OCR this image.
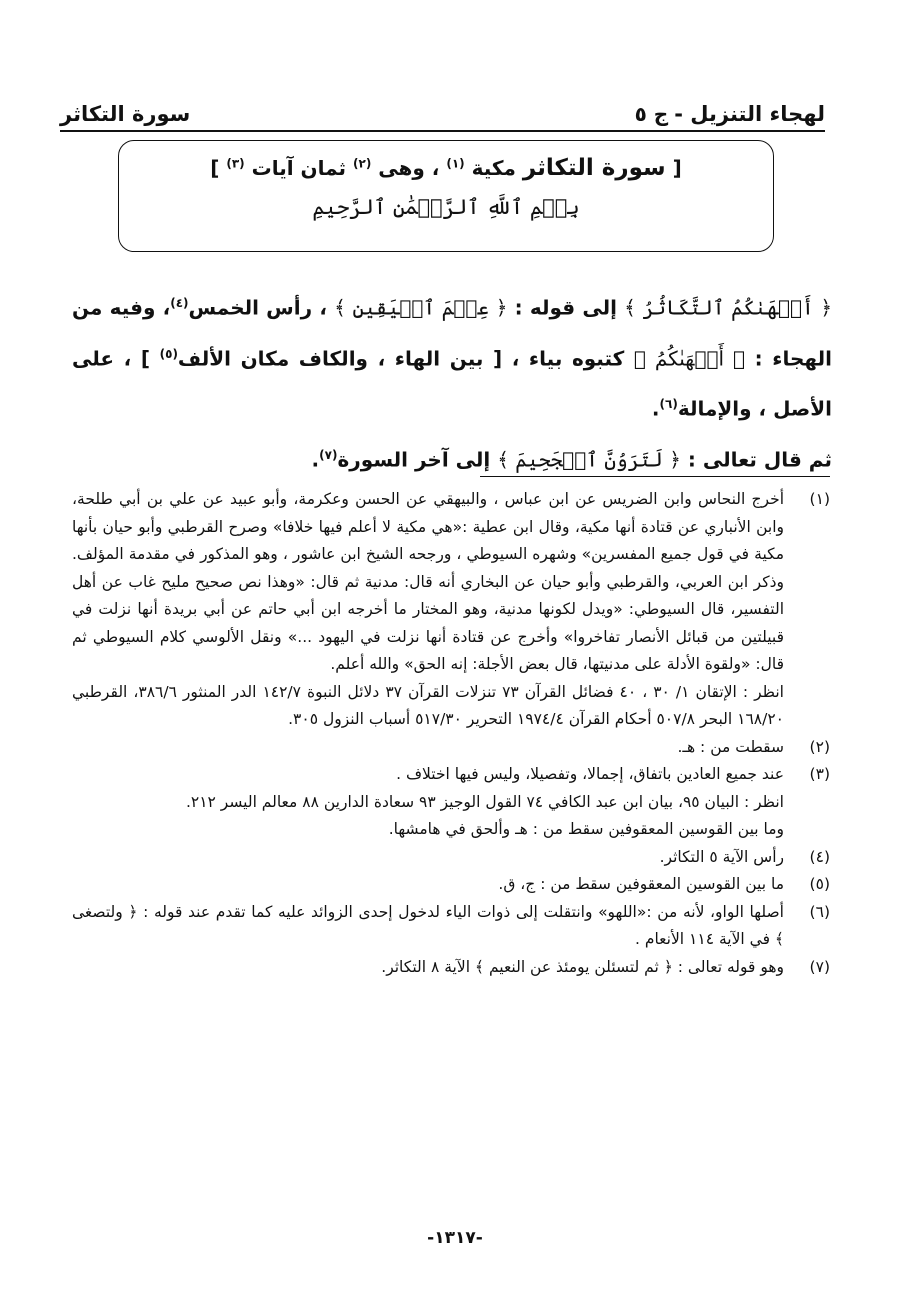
لهجاء التنزيل -
ج ٥
سورة التكاثر
[ سورة التكاثر مكية $^{(١)}$ ، وهى $^{(٢)}$ ثمان آيات $^{(٣)}$ ]
بِسۡمِ ٱللَّهِ ٱلرَّحۡمَٰنِ ٱلرَّحِيمِ

﴿ أَلۡهَىٰكُمُ ٱلتَّكَاثُرُ ﴾ إلى قوله : ﴿ عِلۡمَ ٱلۡيَقِينِ ﴾ ، رأس الخمس$^{(٤)}$، وفيه من الهجاء : ﴿ أَلۡهَىٰكُمُ ﴾ كتبوه بياء ، [ بين الهاء ، والكاف مكان الألف$^{(٥)}$ ] ، على الأصل ، والإمالة$^{(٦)}$.

ثم قال تعالى : ﴿ لَتَرَوُنَّ ٱلۡجَحِيمَ ﴾ إلى آخر السورة$^{(٧)}$.

(١)

أخرج النحاس وابن الضريس عن ابن عباس ، والبيهقي عن الحسن وعكرمة، وأبو عبيد عن علي بن أبي طلحة، وابن الأنباري عن قتادة أنها مكية، وقال ابن عطية :«هي مكية لا أعلم فيها خلافا» وصرح القرطبي وأبو حيان بأنها مكية في قول جميع المفسرين» وشهره السيوطي ، ورجحه الشيخ ابن عاشور ، وهو المذكور في مقدمة المؤلف. وذكر ابن العربي، والقرطبي وأبو حيان عن البخاري أنه قال: مدنية ثم قال: «وهذا نص صحيح مليح غاب عن أهل التفسير، قال السيوطي: «ويدل لكونها مدنية، وهو المختار ما أخرجه ابن أبي حاتم عن أبي بريدة أنها نزلت في قبيلتين من قبائل الأنصار تفاخروا» وأخرج عن قتادة أنها نزلت في اليهود ...» ونقل الألوسي كلام السيوطي ثم قال: «ولقوة الأدلة على مدنيتها، قال بعض الأجلة: إنه الحق» والله أعلم.

انظر : الإتقان ١/ ٣٠ ، ٤٠ فضائل القرآن ٧٣ تنزلات القرآن ٣٧ دلائل النبوة ١٤٢/٧ الدر المنثور ٣٨٦/٦، القرطبي ١٦٨/٢٠ البحر ٥٠٧/٨ أحكام القرآن ١٩٧٤/٤ التحرير ٥١٧/٣٠ أسباب النزول ٣٠٥.

(٢)

سقطت من : هـ.

(٣)

عند جميع العادين باتفاق، إجمالا، وتفصيلا، وليس فيها اختلاف .

انظر : البيان ٩٥، بيان ابن عبد الكافي ٧٤ القول الوجيز ٩٣ سعادة الدارين ٨٨ معالم اليسر ٢١٢.

وما بين القوسين المعقوفين سقط من : هـ وألحق في هامشها.

(٤)

رأس الآية ٥ التكاثر.

(٥)

ما بين القوسين المعقوفين سقط من : ج، ق.

(٦)

أصلها الواو، لأنه من :«اللهو» وانتقلت إلى ذوات الياء لدخول إحدى الزوائد عليه كما تقدم عند قوله : ﴿ ولتصغى ﴾ في الآية ١١٤ الأنعام .

(٧)

وهو قوله تعالى : ﴿ ثم لتسئلن يومئذ عن النعيم ﴾ الآية ٨ التكاثر.

-١٣١٧-
